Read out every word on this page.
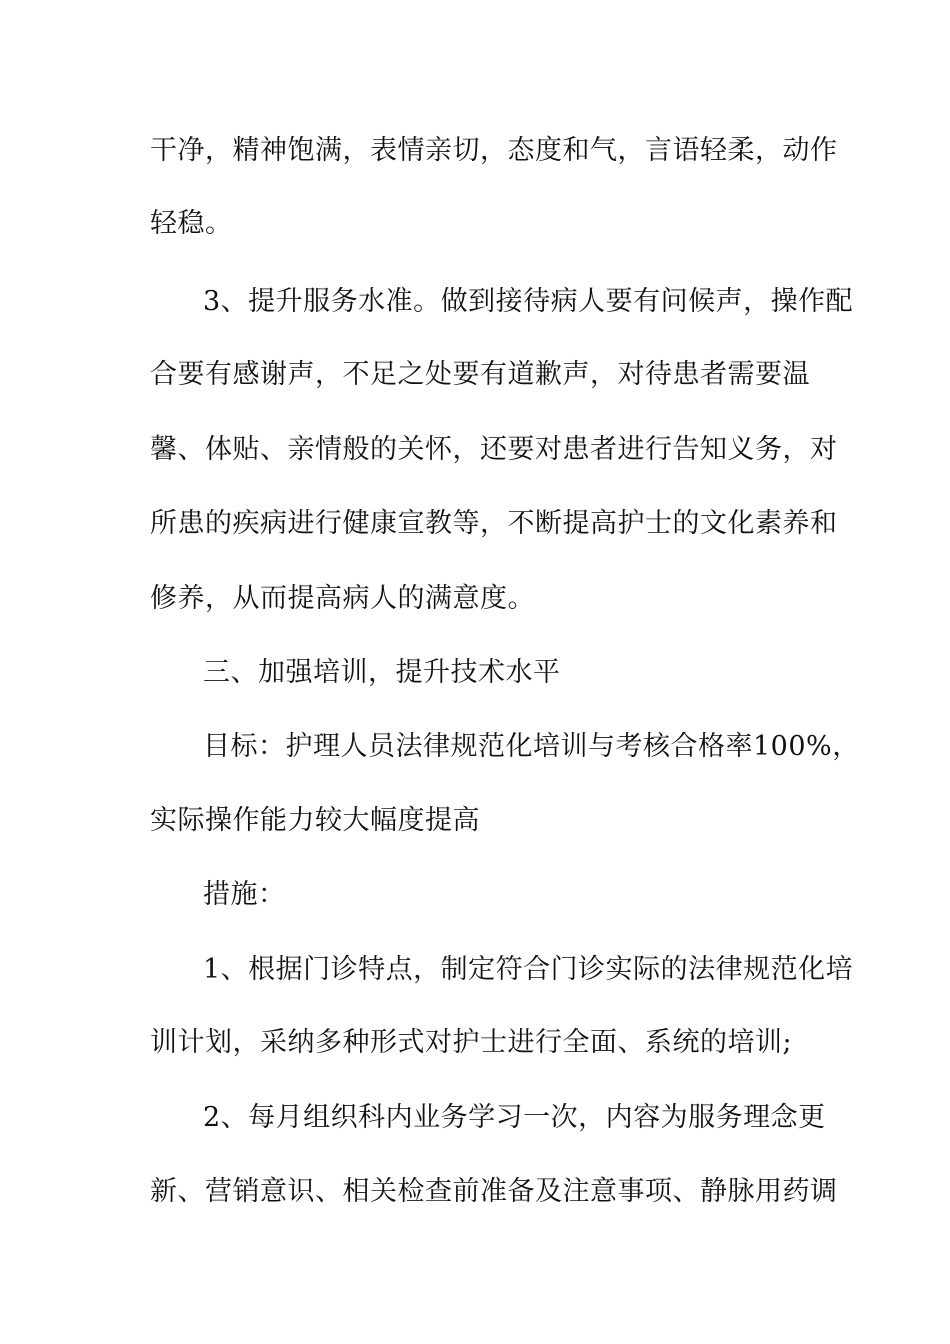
干净，精神饱满，表情亲切，态度和气，言语轻柔，动作
轻稳。
3、提升服务水准。做到接待病人要有问候声，操作配
合要有感谢声，不足之处要有道歉声，对待患者需要温
馨、体贴、亲情般的关怀，还要对患者进行告知义务，对
所患的疾病进行健康宣教等，不断提高护士的文化素养和
修养，从而提高病人的满意度。
三、加强培训，提升技术水平
目标：护理人员法律规范化培训与考核合格率100%，
实际操作能力较大幅度提高
措施：
1、根据门诊特点，制定符合门诊实际的法律规范化培
训计划，采纳多种形式对护士进行全面、系统的培训;
2、每月组织科内业务学习一次，内容为服务理念更
新、营销意识、相关检查前准备及注意事项、静脉用药调
